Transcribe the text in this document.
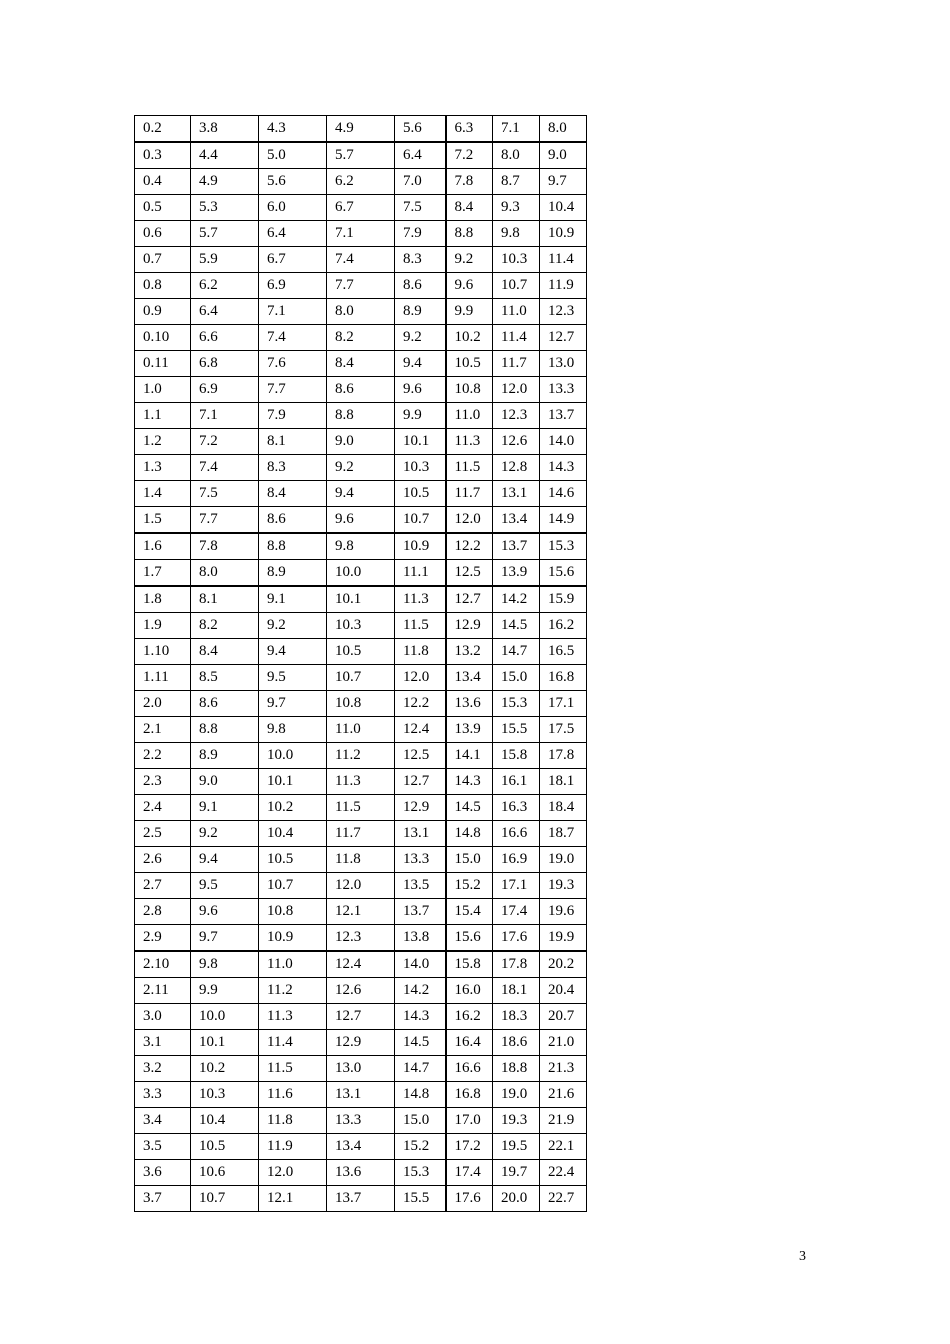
0.2	3.8	4.3	4.9	5.6	6.3	7.1	8.0
0.3	4.4	5.0	5.7	6.4	7.2	8.0	9.0
0.4	4.9	5.6	6.2	7.0	7.8	8.7	9.7
0.5	5.3	6.0	6.7	7.5	8.4	9.3	10.4
0.6	5.7	6.4	7.1	7.9	8.8	9.8	10.9
0.7	5.9	6.7	7.4	8.3	9.2	10.3	11.4
0.8	6.2	6.9	7.7	8.6	9.6	10.7	11.9
0.9	6.4	7.1	8.0	8.9	9.9	11.0	12.3
0.10	6.6	7.4	8.2	9.2	10.2	11.4	12.7
0.11	6.8	7.6	8.4	9.4	10.5	11.7	13.0
1.0	6.9	7.7	8.6	9.6	10.8	12.0	13.3
1.1	7.1	7.9	8.8	9.9	11.0	12.3	13.7
1.2	7.2	8.1	9.0	10.1	11.3	12.6	14.0
1.3	7.4	8.3	9.2	10.3	11.5	12.8	14.3
1.4	7.5	8.4	9.4	10.5	11.7	13.1	14.6
1.5	7.7	8.6	9.6	10.7	12.0	13.4	14.9
1.6	7.8	8.8	9.8	10.9	12.2	13.7	15.3
1.7	8.0	8.9	10.0	11.1	12.5	13.9	15.6
1.8	8.1	9.1	10.1	11.3	12.7	14.2	15.9
1.9	8.2	9.2	10.3	11.5	12.9	14.5	16.2
1.10	8.4	9.4	10.5	11.8	13.2	14.7	16.5
1.11	8.5	9.5	10.7	12.0	13.4	15.0	16.8
2.0	8.6	9.7	10.8	12.2	13.6	15.3	17.1
2.1	8.8	9.8	11.0	12.4	13.9	15.5	17.5
2.2	8.9	10.0	11.2	12.5	14.1	15.8	17.8
2.3	9.0	10.1	11.3	12.7	14.3	16.1	18.1
2.4	9.1	10.2	11.5	12.9	14.5	16.3	18.4
2.5	9.2	10.4	11.7	13.1	14.8	16.6	18.7
2.6	9.4	10.5	11.8	13.3	15.0	16.9	19.0
2.7	9.5	10.7	12.0	13.5	15.2	17.1	19.3
2.8	9.6	10.8	12.1	13.7	15.4	17.4	19.6
2.9	9.7	10.9	12.3	13.8	15.6	17.6	19.9
2.10	9.8	11.0	12.4	14.0	15.8	17.8	20.2
2.11	9.9	11.2	12.6	14.2	16.0	18.1	20.4
3.0	10.0	11.3	12.7	14.3	16.2	18.3	20.7
3.1	10.1	11.4	12.9	14.5	16.4	18.6	21.0
3.2	10.2	11.5	13.0	14.7	16.6	18.8	21.3
3.3	10.3	11.6	13.1	14.8	16.8	19.0	21.6
3.4	10.4	11.8	13.3	15.0	17.0	19.3	21.9
3.5	10.5	11.9	13.4	15.2	17.2	19.5	22.1
3.6	10.6	12.0	13.6	15.3	17.4	19.7	22.4
3.7	10.7	12.1	13.7	15.5	17.6	20.0	22.7
3
